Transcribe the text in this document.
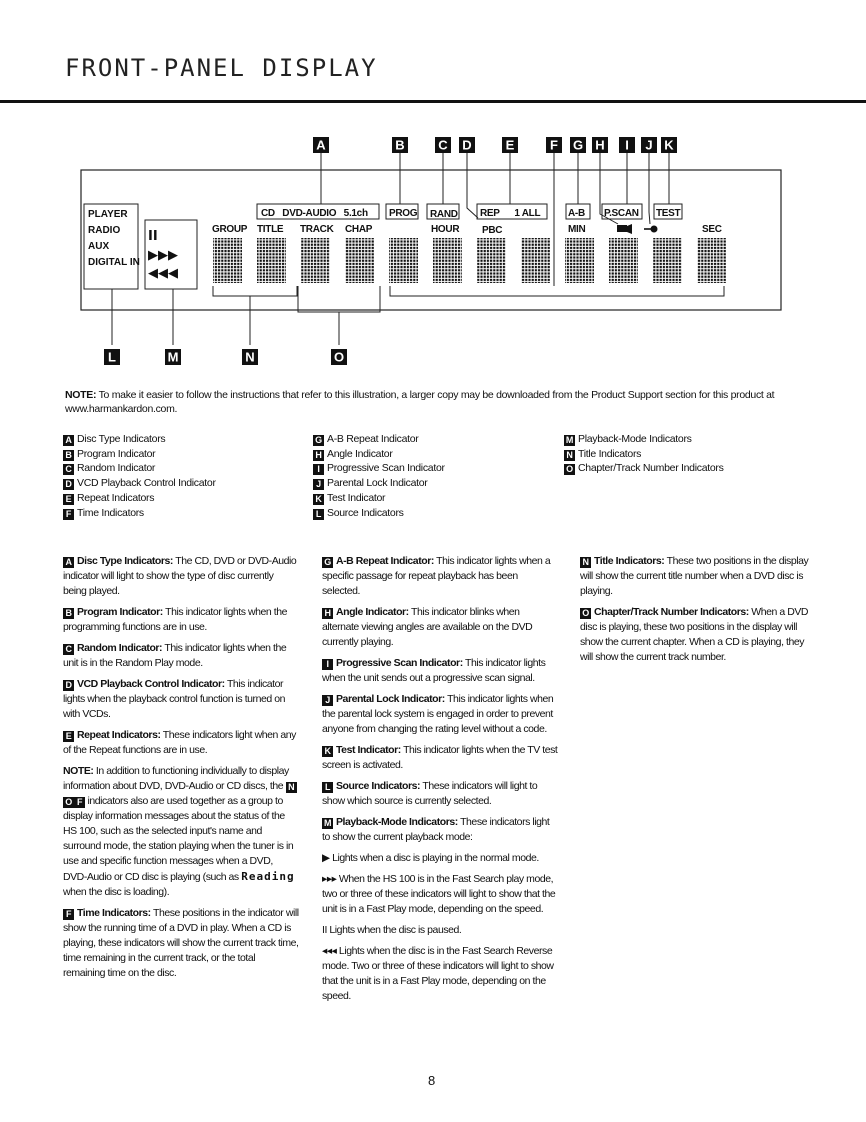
FRONT-PANEL DISPLAY
A	B	C D	E	F G H I J K
L	M	N	O
PLAYER
RADIO
AUX
DIGITAL IN
II
▶▶▶
◀◀◀
CD   DVD-AUDIO   5.1ch PROG RAND REP      1 ALL	A-B P.SCAN TEST
GROUP TITLE TRACK CHAP	HOUR PBC	MIN	SEC
NOTE: To make it easier to follow the instructions that refer to this illustration, a larger copy may be downloaded from the Product Support section for this product at www.harmankardon.com.
A Disc Type Indicators
B Program Indicator
C Random Indicator
D VCD Playback Control Indicator
E Repeat Indicators
F Time Indicators
G A-B Repeat Indicator
H Angle Indicator
I Progressive Scan Indicator
J Parental Lock Indicator
K Test Indicator
L Source Indicators
M Playback-Mode Indicators
N Title Indicators
O Chapter/Track Number Indicators

A Disc Type Indicators: The CD, DVD or DVD-Audio indicator will light to show the type of disc currently being played.

B Program Indicator: This indicator lights when the programming functions are in use.

C Random Indicator: This indicator lights when the unit is in the Random Play mode.

D VCD Playback Control Indicator: This indicator lights when the playback control function is turned on with VCDs.

E Repeat Indicators: These indicators light when any of the Repeat functions are in use.

NOTE: In addition to functioning individually to display information about DVD, DVD-Audio or CD discs, the NO F indicators also are used together as a group to display information messages about the status of the HS 100, such as the selected input's name and surround mode, the station playing when the tuner is in use and specific function messages when a DVD, DVD-Audio or CD disc is playing (such as Reading when the disc is loading).

F Time Indicators: These positions in the indicator will show the running time of a DVD in play. When a CD is playing, these indicators will show the current track time, time remaining in the current track, or the total remaining time on the disc.

G A-B Repeat Indicator: This indicator lights when a specific passage for repeat playback has been selected.

H Angle Indicator: This indicator blinks when alternate viewing angles are available on the DVD currently playing.

I Progressive Scan Indicator: This indicator lights when the unit sends out a progressive scan signal.

J Parental Lock Indicator: This indicator lights when the parental lock system is engaged in order to prevent anyone from changing the rating level without a code.

K Test Indicator: This indicator lights when the TV test screen is activated.

L Source Indicators: These indicators will light to show which source is currently selected.

M Playback-Mode Indicators: These indicators light to show the current playback mode:

▶ Lights when a disc is playing in the normal mode.

▸▸▸ When the HS 100 is in the Fast Search play mode, two or three of these indicators will light to show that the unit is in a Fast Play mode, depending on the speed.

II Lights when the disc is paused.

◂◂◂ Lights when the disc is in the Fast Search Reverse mode. Two or three of these indicators will light to show that the unit is in a Fast Play mode, depending on the speed.

N Title Indicators: These two positions in the display will show the current title number when a DVD disc is playing.

O Chapter/Track Number Indicators: When a DVD disc is playing, these two positions in the display will show the current chapter. When a CD is playing, they will show the current track number.

8
